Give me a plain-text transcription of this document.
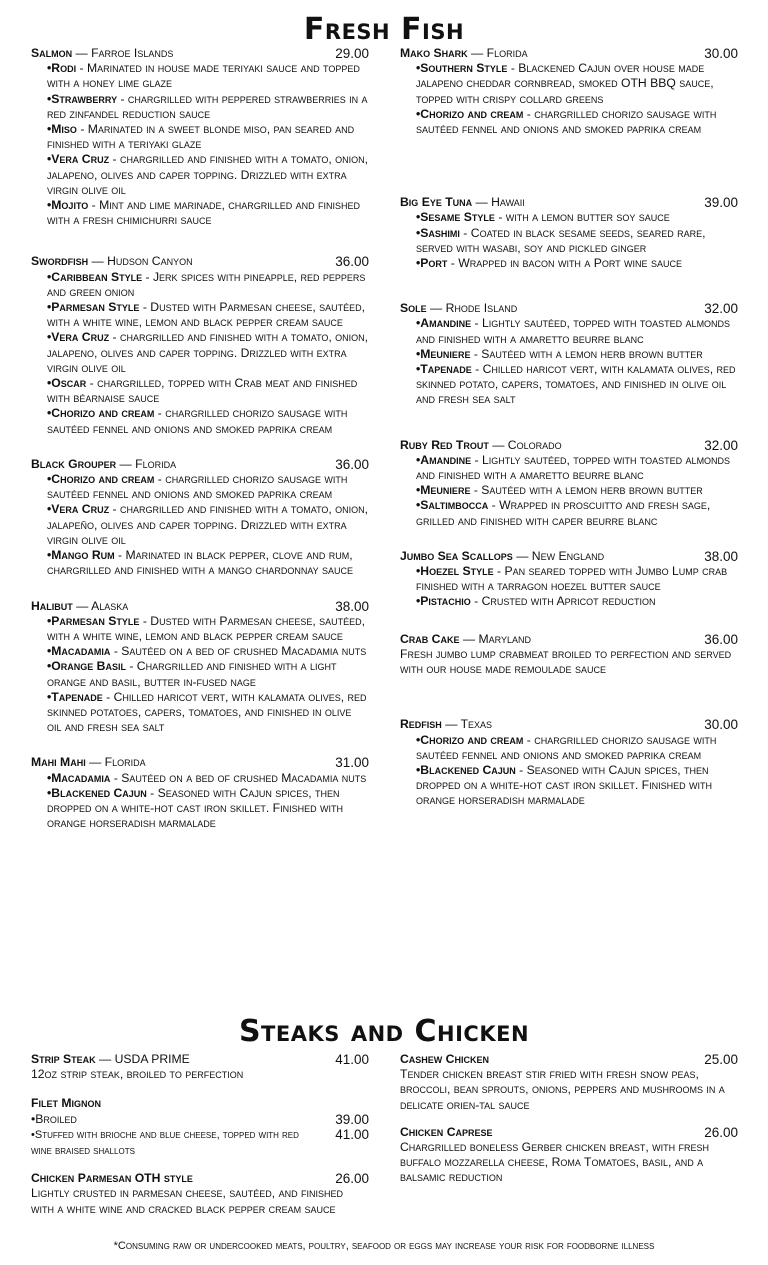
Fresh Fish
Salmon — Farroe Islands	29.00
•Rodi - Marinated in house made teriyaki sauce and topped with a honey lime glaze
•Strawberry - chargrilled with peppered strawberries in a red zinfandel reduction sauce
•Miso - Marinated in a sweet blonde miso, pan seared and finished with a teriyaki glaze
•Vera Cruz - chargrilled and finished with a tomato, onion, jalapeno, olives and caper topping. Drizzled with extra virgin olive oil
•Mojito - Mint and lime marinade, chargrilled and finished with a fresh chimichurri sauce
Swordfish — Hudson Canyon	36.00
•Caribbean Style - Jerk spices with pineapple, red peppers and green onion
•Parmesan Style - Dusted with Parmesan cheese, sautéed, with a white wine, lemon and black pepper cream sauce
•Vera Cruz - chargrilled and finished with a tomato, onion, jalapeno, olives and caper topping. Drizzled with extra virgin olive oil
•Oscar - chargrilled, topped with Crab meat and finished with béarnaise sauce
•Chorizo and cream - chargrilled chorizo sausage with sautéed fennel and onions and smoked paprika cream
Black Grouper — Florida	36.00
•Chorizo and cream - chargrilled chorizo sausage with sautéed fennel and onions and smoked paprika cream
•Vera Cruz - chargrilled and finished with a tomato, onion, jalapeño, olives and caper topping. Drizzled with extra virgin olive oil
•Mango Rum - Marinated in black pepper, clove and rum, chargrilled and finished with a mango chardonnay sauce
Halibut — Alaska	38.00
•Parmesan Style - Dusted with Parmesan cheese, sautéed, with a white wine, lemon and black pepper cream sauce
•Macadamia - Sautéed on a bed of crushed Macadamia nuts
•Orange Basil - Chargrilled and finished with a light orange and basil, butter in-fused nage
•Tapenade - Chilled haricot vert, with kalamata olives, red skinned potatoes, capers, tomatoes, and finished in olive oil and fresh sea salt
Mahi Mahi — Florida	31.00
•Macadamia - Sautéed on a bed of crushed Macadamia nuts
•Blackened Cajun - Seasoned with Cajun spices, then dropped on a white-hot cast iron skillet. Finished with orange horseradish marmalade
Mako Shark — Florida	30.00
•Southern Style - Blackened Cajun over house made jalapeno cheddar cornbread, smoked OTH BBQ sauce, topped with crispy collard greens
•Chorizo and cream - chargrilled chorizo sausage with sautéed fennel and onions and smoked paprika cream
Big Eye Tuna — Hawaii	39.00
•Sesame Style - with a lemon butter soy sauce
•Sashimi - Coated in black sesame seeds, seared rare, served with wasabi, soy and pickled ginger
•Port - Wrapped in bacon with a Port wine sauce
Sole — Rhode Island	32.00
•Amandine - Lightly sautéed, topped with toasted almonds and finished with a amaretto beurre blanc
•Meuniere - Sautéed with a lemon herb brown butter
•Tapenade - Chilled haricot vert, with kalamata olives, red skinned potato, capers, tomatoes, and finished in olive oil and fresh sea salt
Ruby Red Trout — Colorado	32.00
•Amandine - Lightly sautéed, topped with toasted almonds and finished with a amaretto beurre blanc
•Meuniere - Sautéed with a lemon herb brown butter
•Saltimbocca - Wrapped in proscuitto and fresh sage, grilled and finished with caper beurre blanc
Jumbo Sea Scallops — New England	38.00
•Hoezel Style - Pan seared topped with Jumbo Lump crab finished with a tarragon hoezel butter sauce
•Pistachio - Crusted with Apricot reduction
Crab Cake — Maryland	36.00
Fresh jumbo lump crabmeat broiled to perfection and served with our house made remoulade sauce
Redfish — Texas	30.00
•Chorizo and cream - chargrilled chorizo sausage with sautéed fennel and onions and smoked paprika cream
•Blackened Cajun - Seasoned with Cajun spices, then dropped on a white-hot cast iron skillet. Finished with orange horseradish marmalade
Steaks and Chicken
Strip Steak — USDA PRIME	41.00
12oz strip steak, broiled to perfection
Filet Mignon
•Broiled	39.00
•Stuffed with brioche and blue cheese, topped with red wine braised shallots
41.00
Chicken Parmesan OTH style	26.00
Lightly crusted in parmesan cheese, sautéed, and finished with a white wine and cracked black pepper cream sauce
Cashew Chicken	25.00
Tender chicken breast stir fried with fresh snow peas, broccoli, bean sprouts, onions, peppers and mushrooms in a delicate orien-tal sauce
Chicken Caprese	26.00
Chargrilled boneless Gerber chicken breast, with fresh buffalo mozzarella cheese, Roma Tomatoes, basil, and a balsamic reduction
*Consuming raw or undercooked meats, poultry, seafood or eggs may increase your risk for foodborne illness
